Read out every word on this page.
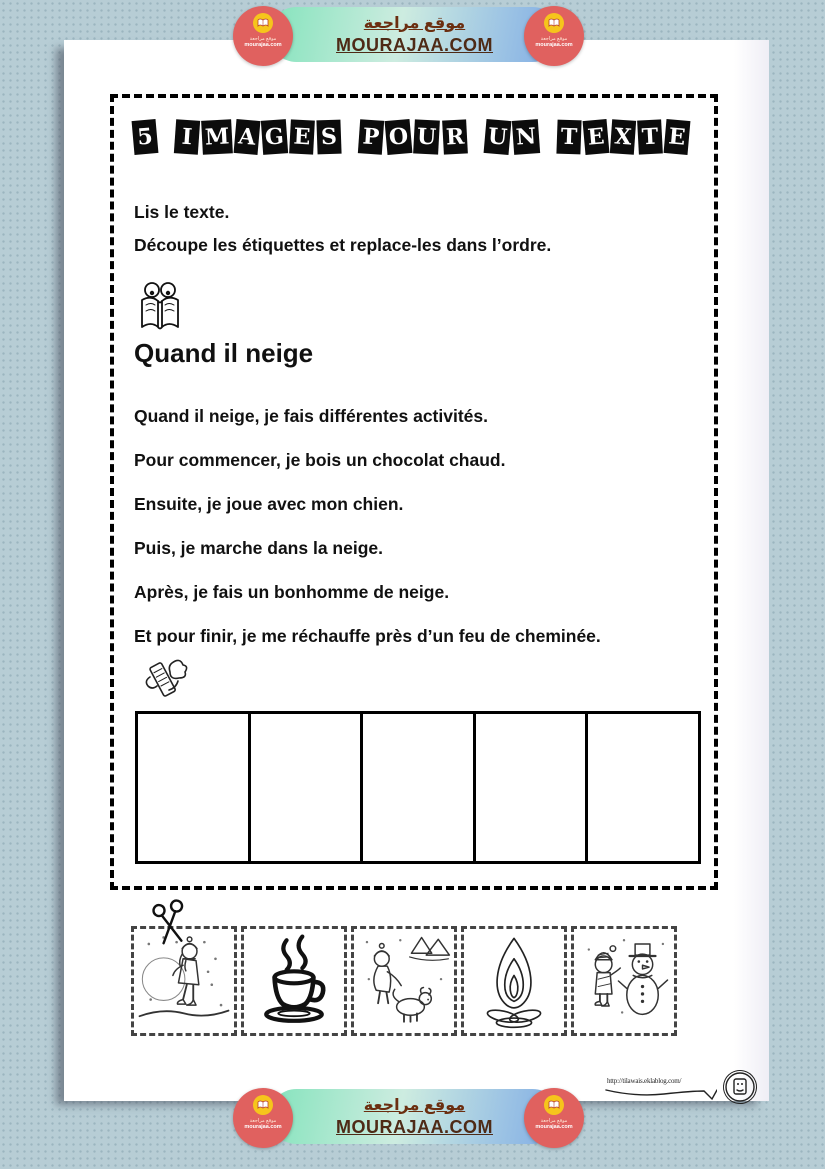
موقع مراجعة
mourajaa.com
موقع مراجعة
MOURAJAA.COM	موقع مراجعة
mourajaa.com
5	I M A G E S P O U R U N T E X T E
Lis le texte.
Découpe les étiquettes et replace-les dans l’ordre.
Quand il neige

Quand il neige, je fais différentes activités.

Pour commencer, je bois un chocolat chaud.

Ensuite, je joue avec mon chien.

Puis, je marche dans la neige.

Après, je fais un bonhomme de neige.

Et pour finir, je me réchauffe près d’un feu de cheminée.

http://tilawais.eklablog.com/
موقع مراجعة
mourajaa.com
موقع مراجعة
MOURAJAA.COM	موقع مراجعة
mourajaa.com
